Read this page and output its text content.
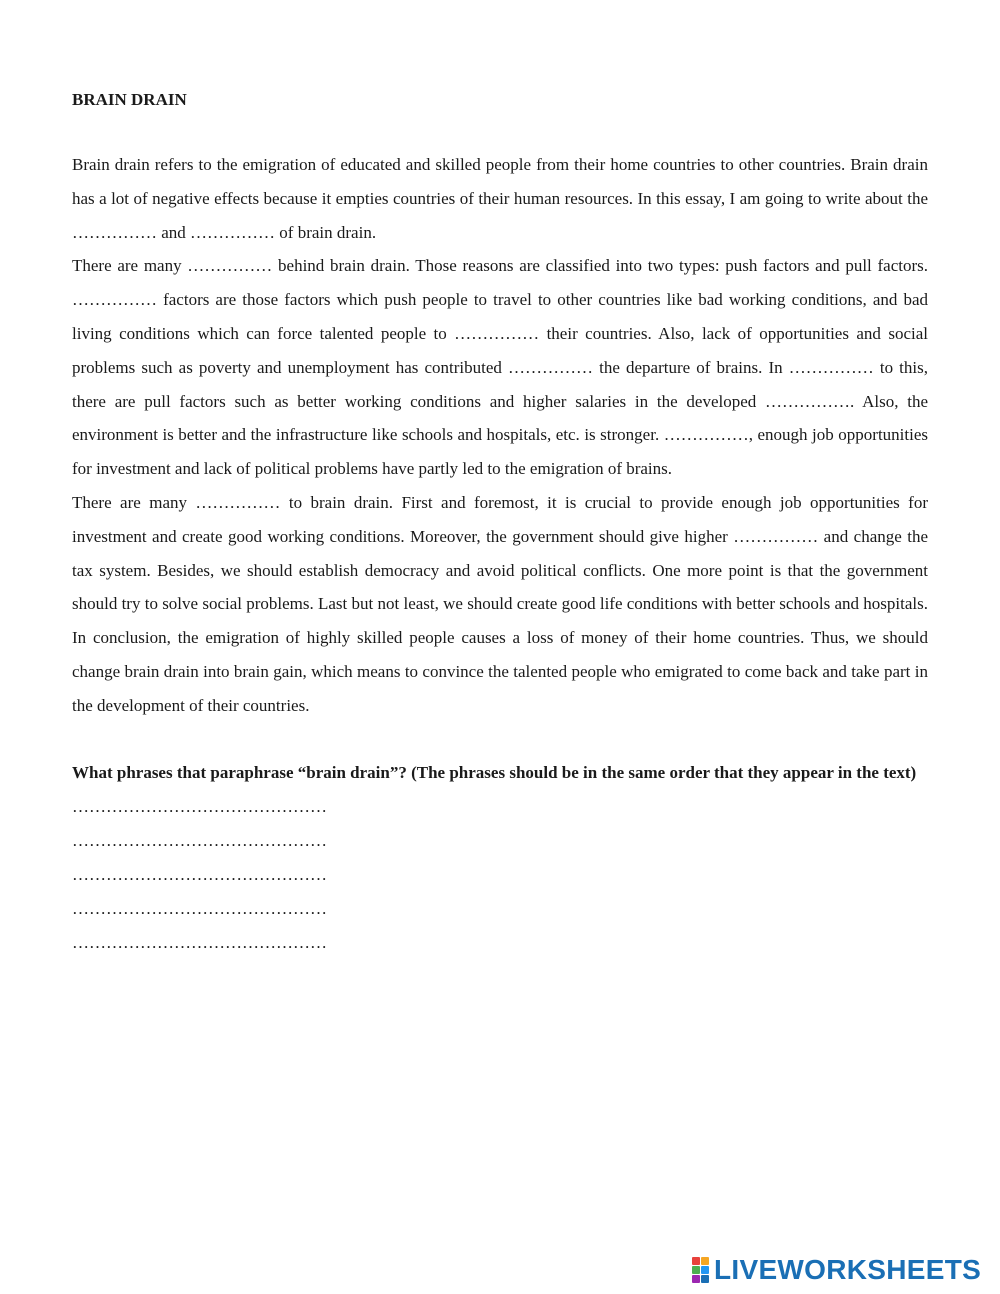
BRAIN DRAIN

Brain drain refers to the emigration of educated and skilled people from their home countries to other countries. Brain drain has a lot of negative effects because it empties countries of their human resources. In this essay, I am going to write about the …………… and …………… of brain drain.

There are many …………… behind brain drain. Those reasons are classified into two types: push factors and pull factors. …………… factors are those factors which push people to travel to other countries like bad working conditions, and bad living conditions which can force talented people to …………… their countries. Also, lack of opportunities and social problems such as poverty and unemployment has contributed …………… the departure of brains. In …………… to this, there are pull factors such as better working conditions and higher salaries in the developed ……………. Also, the environment is better and the infrastructure like schools and hospitals, etc. is stronger. ……………, enough job opportunities for investment and lack of political problems have partly led to the emigration of brains.

There are many …………… to brain drain. First and foremost, it is crucial to provide enough job opportunities for investment and create good working conditions. Moreover, the government should give higher …………… and change the tax system. Besides, we should establish democracy and avoid political conflicts. One more point is that the government should try to solve social problems. Last but not least, we should create good life conditions with better schools and hospitals.

In conclusion, the emigration of highly skilled people causes a loss of money of their home countries. Thus, we should change brain drain into brain gain, which means to convince the talented people who emigrated to come back and take part in the development of their countries.

What phrases that paraphrase “brain drain”? (The phrases should be in the same order that they appear in the text)

………………………………………
………………………………………
………………………………………
………………………………………
………………………………………
LIVEWORKSHEETS
